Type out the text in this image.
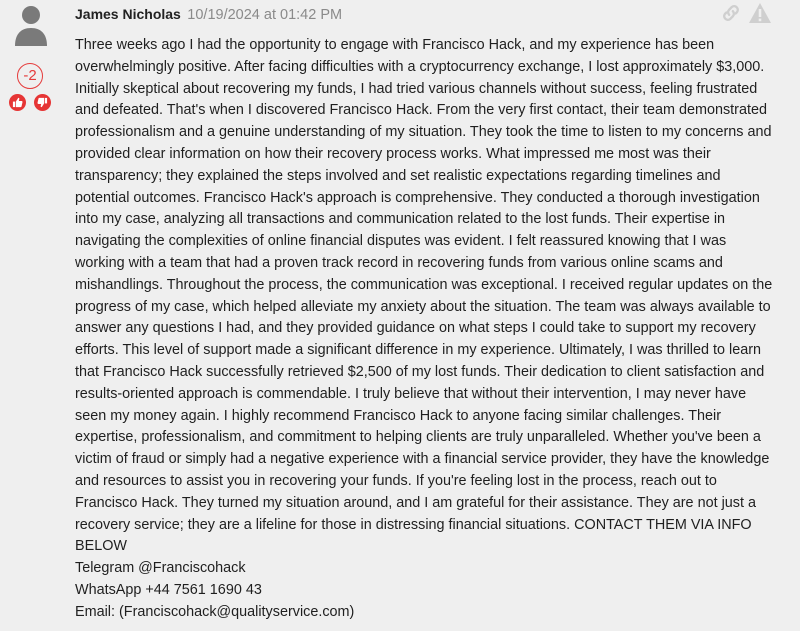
-2
James Nicholas 10/19/2024 at 01:42 PM

Three weeks ago I had the opportunity to engage with Francisco Hack, and my experience has been overwhelmingly positive. After facing difficulties with a cryptocurrency exchange, I lost approximately $3,000. Initially skeptical about recovering my funds, I had tried various channels without success, feeling frustrated and defeated. That's when I discovered Francisco Hack. From the very first contact, their team demonstrated professionalism and a genuine understanding of my situation. They took the time to listen to my concerns and provided clear information on how their recovery process works. What impressed me most was their transparency; they explained the steps involved and set realistic expectations regarding timelines and potential outcomes. Francisco Hack's approach is comprehensive. They conducted a thorough investigation into my case, analyzing all transactions and communication related to the lost funds. Their expertise in navigating the complexities of online financial disputes was evident. I felt reassured knowing that I was working with a team that had a proven track record in recovering funds from various online scams and mishandlings. Throughout the process, the communication was exceptional. I received regular updates on the progress of my case, which helped alleviate my anxiety about the situation. The team was always available to answer any questions I had, and they provided guidance on what steps I could take to support my recovery efforts. This level of support made a significant difference in my experience. Ultimately, I was thrilled to learn that Francisco Hack successfully retrieved $2,500 of my lost funds. Their dedication to client satisfaction and results-oriented approach is commendable. I truly believe that without their intervention, I may never have seen my money again. I highly recommend Francisco Hack to anyone facing similar challenges. Their expertise, professionalism, and commitment to helping clients are truly unparalleled. Whether you've been a victim of fraud or simply had a negative experience with a financial service provider, they have the knowledge and resources to assist you in recovering your funds. If you're feeling lost in the process, reach out to Francisco Hack. They turned my situation around, and I am grateful for their assistance. They are not just a recovery service; they are a lifeline for those in distressing financial situations. CONTACT THEM VIA INFO BELOW

Telegram @Franciscohack

WhatsApp +44 7561 1690 43

Email: (Franciscohack@qualityservice.com)
